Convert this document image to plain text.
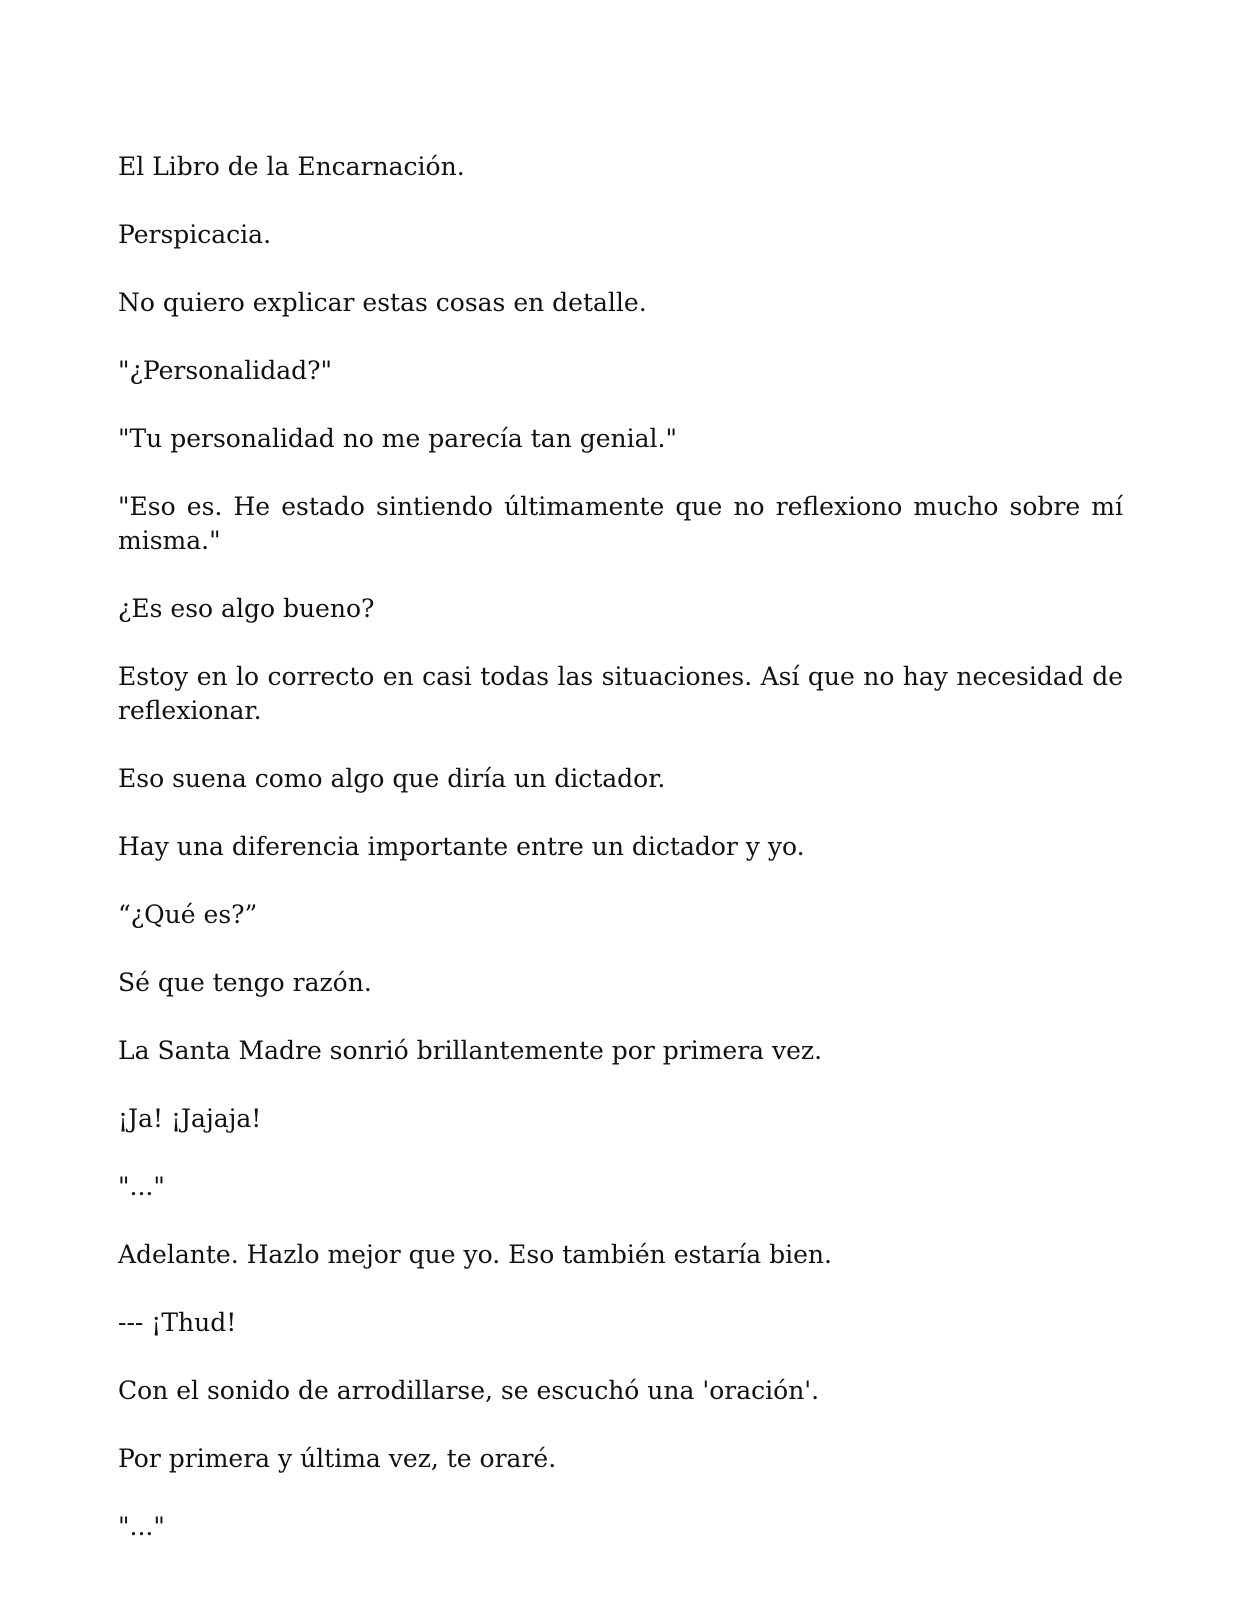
El Libro de la Encarnación.

Perspicacia.

No quiero explicar estas cosas en detalle.

"¿Personalidad?"

"Tu personalidad no me parecía tan genial."

"Eso es. He estado sintiendo últimamente que no reflexiono mucho sobre mí misma."

¿Es eso algo bueno?

Estoy en lo correcto en casi todas las situaciones. Así que no hay necesidad de reflexionar.

Eso suena como algo que diría un dictador.

Hay una diferencia importante entre un dictador y yo.

“¿Qué es?”

Sé que tengo razón.

La Santa Madre sonrió brillantemente por primera vez.

¡Ja! ¡Jajaja!

"..."

Adelante. Hazlo mejor que yo. Eso también estaría bien.

--- ¡Thud!

Con el sonido de arrodillarse, se escuchó una 'oración'.

Por primera y última vez, te oraré.

"..."
